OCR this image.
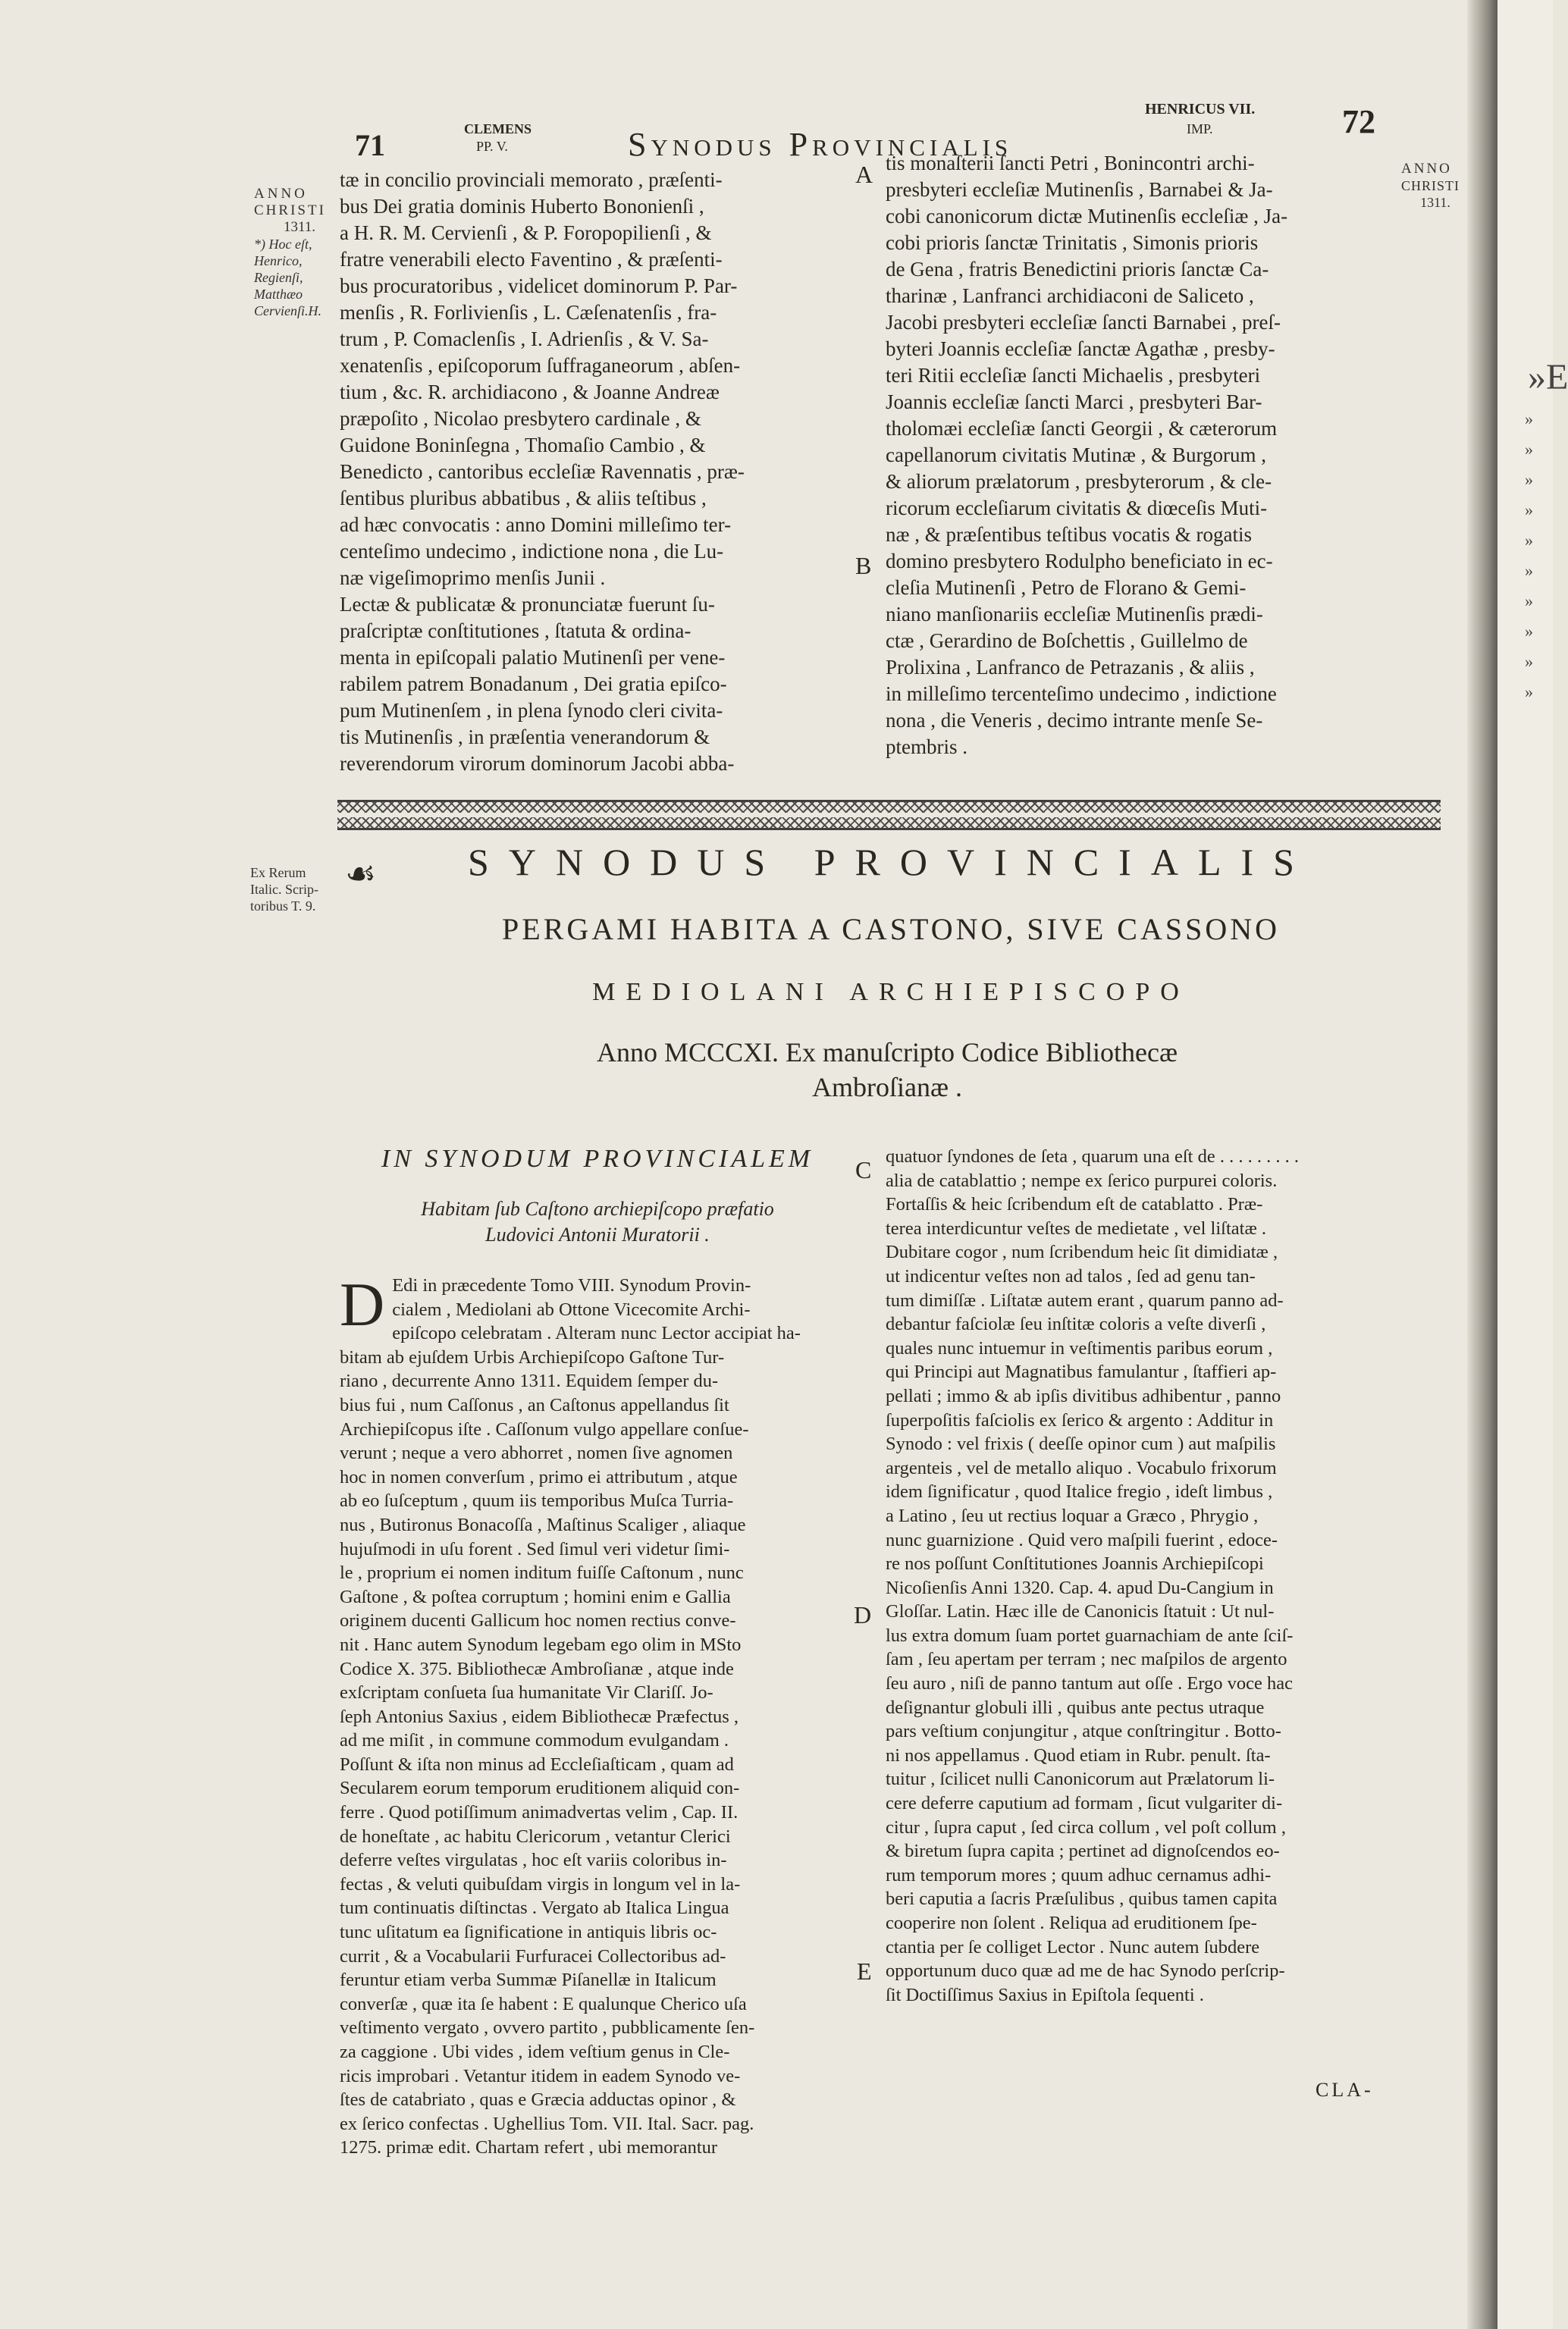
71	CLEMENS
PP. V.	Synodus Provincialis
HENRICUS VII.
IMP.	72
ANNO
CHRISTI
1311.
*) Hoc eſt,
Henrico,
Regienſi,
Matthæo
Cervienſi.H.
ANNO
CHRISTI
1311.
A
B
C
D
E

tæ in concilio provinciali memorato , præſenti-

bus Dei gratia dominis Huberto Bononienſi ,

a H. R. M. Cervienſi , & P. Foropopilienſi , &

fratre venerabili electo Faventino , & præſenti-

bus procuratoribus , videlicet dominorum P. Par-

menſis , R. Forlivienſis , L. Cæſenatenſis , fra-

trum , P. Comaclenſis , I. Adrienſis , & V. Sa-

xenatenſis , epiſcoporum ſuffraganeorum , abſen-

tium , &c. R. archidiacono , & Joanne Andreæ

præpoſito , Nicolao presbytero cardinale , &

Guidone Boninſegna , Thomaſio Cambio , &

Benedicto , cantoribus eccleſiæ Ravennatis , præ-

ſentibus pluribus abbatibus , & aliis teſtibus ,

ad hæc convocatis : anno Domini milleſimo ter-

centeſimo undecimo , indictione nona , die Lu-

næ vigeſimoprimo menſis Junii .

Lectæ & publicatæ & pronunciatæ fuerunt ſu-

praſcriptæ conſtitutiones , ſtatuta & ordina-

menta in epiſcopali palatio Mutinenſi per vene-

rabilem patrem Bonadanum , Dei gratia epiſco-

pum Mutinenſem , in plena ſynodo cleri civita-

tis Mutinenſis , in præſentia venerandorum &

reverendorum virorum dominorum Jacobi abba-

tis monaſterii ſancti Petri , Bonincontri archi-

presbyteri eccleſiæ Mutinenſis , Barnabei & Ja-

cobi canonicorum dictæ Mutinenſis eccleſiæ , Ja-

cobi prioris ſanctæ Trinitatis , Simonis prioris

de Gena , fratris Benedictini prioris ſanctæ Ca-

tharinæ , Lanfranci archidiaconi de Saliceto ,

Jacobi presbyteri eccleſiæ ſancti Barnabei , preſ-

byteri Joannis eccleſiæ ſanctæ Agathæ , presby-

teri Ritii eccleſiæ ſancti Michaelis , presbyteri

Joannis eccleſiæ ſancti Marci , presbyteri Bar-

tholomæi eccleſiæ ſancti Georgii , & cæterorum

capellanorum civitatis Mutinæ , & Burgorum ,

& aliorum prælatorum , presbyterorum , & cle-

ricorum eccleſiarum civitatis & diœceſis Muti-

næ , & præſentibus teſtibus vocatis & rogatis

domino presbytero Rodulpho beneficiato in ec-

cleſia Mutinenſi , Petro de Florano & Gemi-

niano manſionariis eccleſiæ Mutinenſis prædi-

ctæ , Gerardino de Boſchettis , Guillelmo de

Prolixina , Lanfranco de Petrazanis , & aliis ,

in milleſimo tercenteſimo undecimo , indictione

nona , die Veneris , decimo intrante menſe Se-

ptembris .

Ex Rerum
Italic. Scrip-
toribus T. 9.
☙	SYNODUS PROVINCIALIS
PERGAMI HABITA A CASTONO, SIVE CASSONO
MEDIOLANI ARCHIEPISCOPO
Anno MCCCXI. Ex manuſcripto Codice Bibliothecæ
Ambroſianæ .
IN SYNODUM PROVINCIALEM
Habitam ſub Caſtono archiepiſcopo præfatio
Ludovici Antonii Muratorii .
D Edi in præcedente Tomo VIII. Synodum Provin-

cialem , Mediolani ab Ottone Vicecomite Archi-

epiſcopo celebratam . Alteram nunc Lector accipiat ha-

bitam ab ejuſdem Urbis Archiepiſcopo Gaſtone Tur-

riano , decurrente Anno 1311. Equidem ſemper du-

bius fui , num Caſſonus , an Caſtonus appellandus ſit

Archiepiſcopus iſte . Caſſonum vulgo appellare conſue-

verunt ; neque a vero abhorret , nomen ſive agnomen

hoc in nomen converſum , primo ei attributum , atque

ab eo ſuſceptum , quum iis temporibus Muſca Turria-

nus , Butironus Bonacoſſa , Maſtinus Scaliger , aliaque

hujuſmodi in uſu forent . Sed ſimul veri videtur ſimi-

le , proprium ei nomen inditum fuiſſe Caſtonum , nunc

Gaſtone , & poſtea corruptum ; homini enim e Gallia

originem ducenti Gallicum hoc nomen rectius conve-

nit . Hanc autem Synodum legebam ego olim in MSto

Codice X. 375. Bibliothecæ Ambroſianæ , atque inde

exſcriptam conſueta ſua humanitate Vir Clariſſ. Jo-

ſeph Antonius Saxius , eidem Bibliothecæ Præfectus ,

ad me miſit , in commune commodum evulgandam .

Poſſunt & iſta non minus ad Eccleſiaſticam , quam ad

Secularem eorum temporum eruditionem aliquid con-

ferre . Quod potiſſimum animadvertas velim , Cap. II.

de honeſtate , ac habitu Clericorum , vetantur Clerici

deferre veſtes virgulatas , hoc eſt variis coloribus in-

fectas , & veluti quibuſdam virgis in longum vel in la-

tum continuatis diſtinctas . Vergato ab Italica Lingua

tunc uſitatum ea ſignificatione in antiquis libris oc-

currit , & a Vocabularii Furfuracei Collectoribus ad-

feruntur etiam verba Summæ Piſanellæ in Italicum

converſæ , quæ ita ſe habent : E qualunque Cherico uſa

veſtimento vergato , ovvero partito , pubblicamente ſen-

za caggione . Ubi vides , idem veſtium genus in Cle-

ricis improbari . Vetantur itidem in eadem Synodo ve-

ſtes de catabriato , quas e Græcia adductas opinor , &

ex ſerico confectas . Ughellius Tom. VII. Ital. Sacr. pag.

1275. primæ edit. Chartam refert , ubi memorantur

quatuor ſyndones de ſeta , quarum una eſt de . . . . . . . . .

alia de catablattio ; nempe ex ſerico purpurei coloris.

Fortaſſis & heic ſcribendum eſt de catablatto . Præ-

terea interdicuntur veſtes de medietate , vel liſtatæ .

Dubitare cogor , num ſcribendum heic ſit dimidiatæ ,

ut indicentur veſtes non ad talos , ſed ad genu tan-

tum dimiſſæ . Liſtatæ autem erant , quarum panno ad-

debantur faſciolæ ſeu inſtitæ coloris a veſte diverſi ,

quales nunc intuemur in veſtimentis paribus eorum ,

qui Principi aut Magnatibus famulantur , ſtaffieri ap-

pellati ; immo & ab ipſis divitibus adhibentur , panno

ſuperpoſitis faſciolis ex ſerico & argento : Additur in

Synodo : vel frixis ( deeſſe opinor cum ) aut maſpilis

argenteis , vel de metallo aliquo . Vocabulo frixorum

idem ſignificatur , quod Italice fregio , ideſt limbus ,

a Latino , ſeu ut rectius loquar a Græco , Phrygio ,

nunc guarnizione . Quid vero maſpili fuerint , edoce-

re nos poſſunt Conſtitutiones Joannis Archiepiſcopi

Nicoſienſis Anni 1320. Cap. 4. apud Du-Cangium in

Gloſſar. Latin. Hæc ille de Canonicis ſtatuit : Ut nul-

lus extra domum ſuam portet guarnachiam de ante ſciſ-

ſam , ſeu apertam per terram ; nec maſpilos de argento

ſeu auro , niſi de panno tantum aut oſſe . Ergo voce hac

deſignantur globuli illi , quibus ante pectus utraque

pars veſtium conjungitur , atque conſtringitur . Botto-

ni nos appellamus . Quod etiam in Rubr. penult. ſta-

tuitur , ſcilicet nulli Canonicorum aut Prælatorum li-

cere deferre caputium ad formam , ſicut vulgariter di-

citur , ſupra caput , ſed circa collum , vel poſt collum ,

& biretum ſupra capita ; pertinet ad dignoſcendos eo-

rum temporum mores ; quum adhuc cernamus adhi-

beri caputia a ſacris Præſulibus , quibus tamen capita

cooperire non ſolent . Reliqua ad eruditionem ſpe-

ctantia per ſe colliget Lector . Nunc autem ſubdere

opportunum duco quæ ad me de hac Synodo perſcrip-

ſit Doctiſſimus Saxius in Epiſtola ſequenti .

CLA-
»E
»
»
»
»
»
»
»
»
»
»
